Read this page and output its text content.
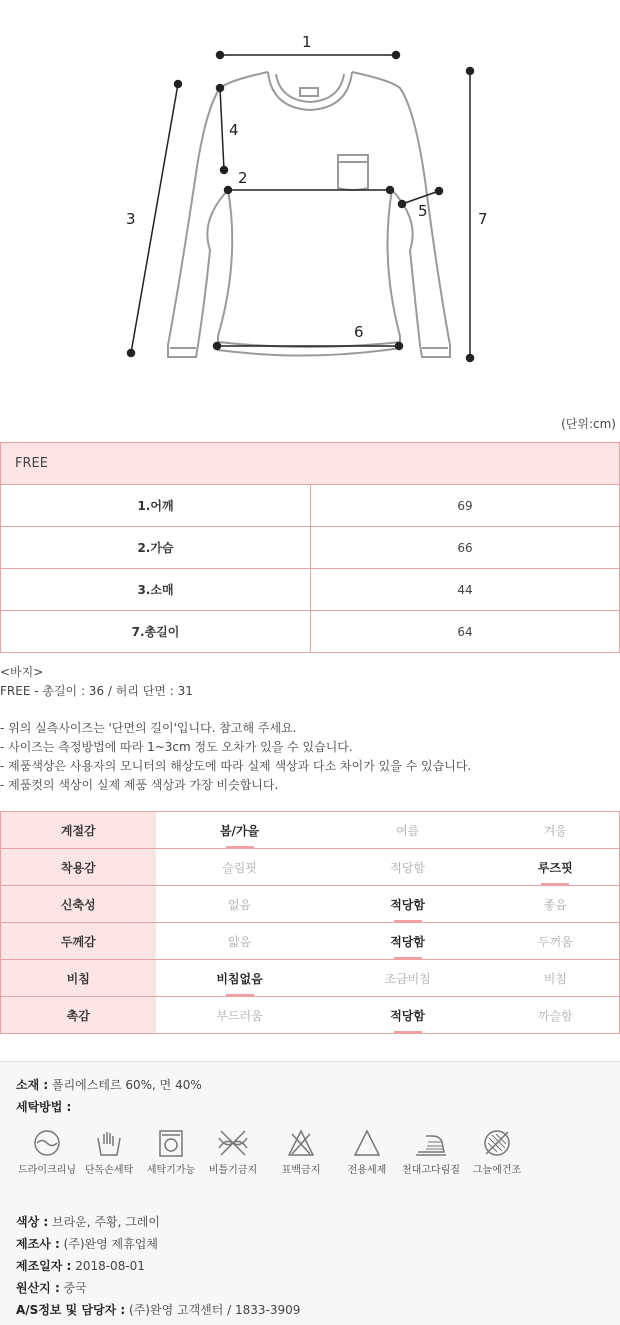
1
2
3
4
5
6
7
(단위:cm)
FREE	
1.어깨	69
2.가슴	66
3.소매	44
7.총길이	64
<바지>
FREE - 총길이 : 36 / 허리 단면 : 31
- 위의 실측사이즈는 '단면의 길이'입니다. 참고해 주세요.
- 사이즈는 측정방법에 따라 1~3cm 정도 오차가 있을 수 있습니다.
- 제품색상은 사용자의 모니터의 해상도에 따라 실제 색상과 다소 차이가 있을 수 있습니다.
- 제품컷의 색상이 실제 제품 색상과 가장 비슷합니다.
계절감	봄/가을	여름	겨울
착용감	슬림핏	적당함	루즈핏
신축성	없음	적당함	좋음
두께감	얇음	적당함	두꺼움
비침	비침없음	조금비침	비침
촉감	부드러움	적당함	까슬함
소재 : 폴리에스테르 60%, 면 40%
세탁방법 :
드라이크리닝 단독손세탁	세탁기가능	비틀기금지	표백금지	전용세제	천대고다림질	그늘에건조
색상 : 브라운, 주황, 그레이
제조사 : (주)완영 제휴업체
제조일자 : 2018-08-01
원산지 : 중국
A/S정보 및 담당자 : (주)완영 고객센터 / 1833-3909
